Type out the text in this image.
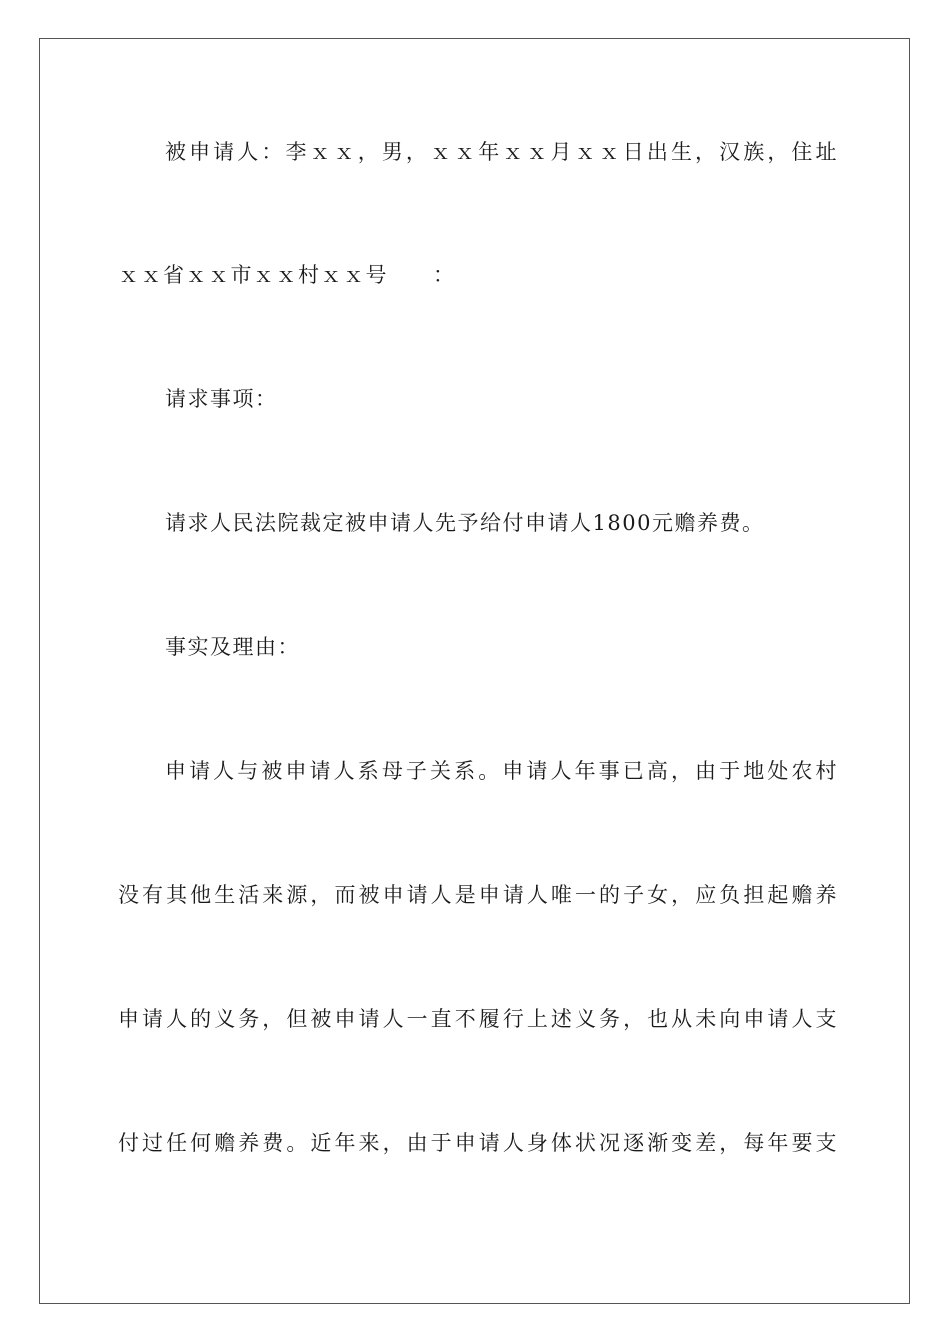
被申请人：李ｘｘ，男，ｘｘ年ｘｘ月ｘｘ日出生，汉族，住址
ｘｘ省ｘｘ市ｘｘ村ｘｘ号　　：
请求事项：
请求人民法院裁定被申请人先予给付申请人1800元赡养费。
事实及理由：
申请人与被申请人系母子关系。申请人年事已高，由于地处农村
没有其他生活来源，而被申请人是申请人唯一的子女，应负担起赡养
申请人的义务，但被申请人一直不履行上述义务，也从未向申请人支
付过任何赡养费。近年来，由于申请人身体状况逐渐变差，每年要支
